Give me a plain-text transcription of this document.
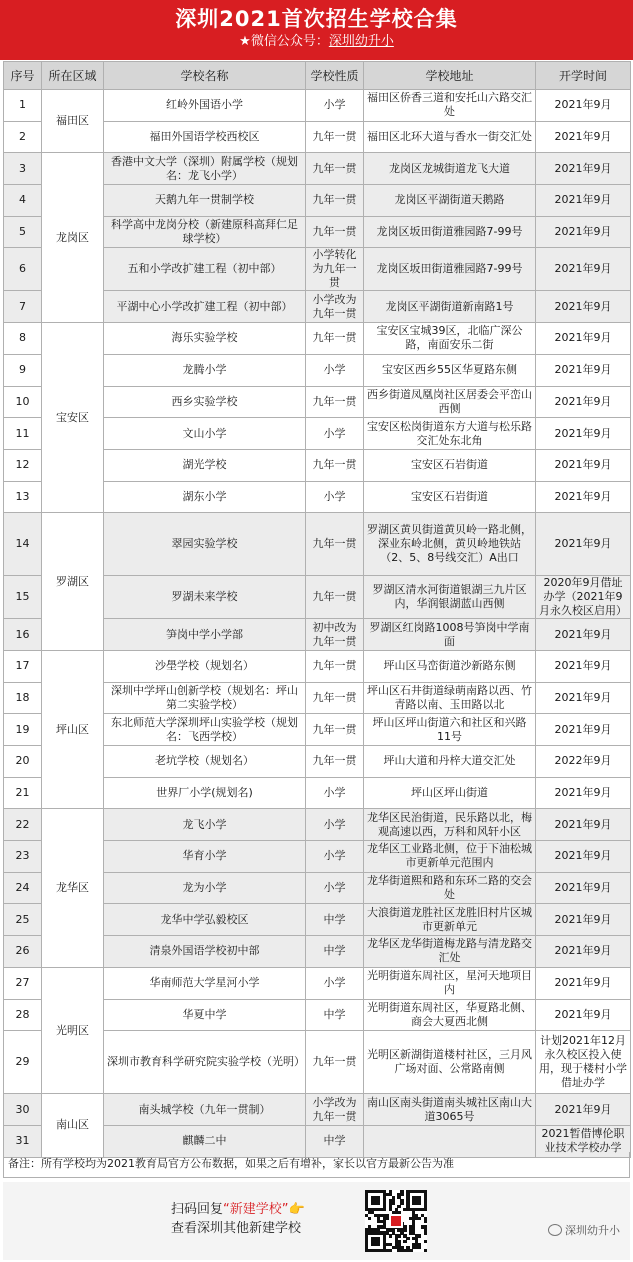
深圳2021首次招生学校合集
★微信公众号：深圳幼升小
序号	所在区域	学校名称	学校性质	学校地址	开学时间
1	福田区	红岭外国语小学	小学	福田区侨香三道和安托山六路交汇处	2021年9月
2		福田外国语学校西校区	九年一贯	福田区北环大道与香水一街交汇处	2021年9月
3	龙岗区	香港中文大学（深圳）附属学校（规划名：龙飞小学）	九年一贯	龙岗区龙城街道龙飞大道	2021年9月
4		天鹅九年一贯制学校	九年一贯	龙岗区平湖街道天鹅路	2021年9月
5		科学高中龙岗分校（新建原科高拜仁足球学校）	九年一贯	龙岗区坂田街道雅园路7-99号	2021年9月
6		五和小学改扩建工程（初中部）	小学转化为九年一贯	龙岗区坂田街道雅园路7-99号	2021年9月
7		平湖中心小学改扩建工程（初中部）	小学改为九年一贯	龙岗区平湖街道新南路1号	2021年9月
8	宝安区	海乐实验学校	九年一贯	宝安区宝城39区，北临广深公路，南面安乐二街	2021年9月
9		龙腾小学	小学	宝安区西乡55区华夏路东侧	2021年9月
10		西乡实验学校	九年一贯	西乡街道凤凰岗社区居委会平峦山西侧	2021年9月
11		文山小学	小学	宝安区松岗街道东方大道与松乐路交汇处东北角	2021年9月
12		湖光学校	九年一贯	宝安区石岩街道	2021年9月
13		湖东小学	小学	宝安区石岩街道	2021年9月
14	罗湖区	翠园实验学校	九年一贯	罗湖区黄贝街道黄贝岭一路北侧，深业东岭北侧，黄贝岭地铁站（2、5、8号线交汇）A出口	2021年9月
15		罗湖未来学校	九年一贯	罗湖区清水河街道银湖三九片区内，华润银湖蓝山西侧	2020年9月借址办学（2021年9月永久校区启用）
16		笋岗中学小学部	初中改为九年一贯	罗湖区红岗路1008号笋岗中学南面	2021年9月
17	坪山区	沙壆学校（规划名）	九年一贯	坪山区马峦街道沙新路东侧	2021年9月
18		深圳中学坪山创新学校（规划名：坪山第二实验学校）	九年一贯	坪山区石井街道绿萌南路以西、竹青路以南、玉田路以北	2021年9月
19		东北师范大学深圳坪山实验学校（规划名：飞西学校）	九年一贯	坪山区坪山街道六和社区和兴路11号	2021年9月
20		老坑学校（规划名）	九年一贯	坪山大道和丹梓大道交汇处	2022年9月
21		世界厂小学(规划名)	小学	坪山区坪山街道	2021年9月
22	龙华区	龙飞小学	小学	龙华区民治街道，民乐路以北，梅观高速以西，万科和风轩小区	2021年9月
23		华育小学	小学	龙华区工业路北侧，位于下油松城市更新单元范围内	2021年9月
24		龙为小学	小学	龙华街道熙和路和东环二路的交会处	2021年9月
25		龙华中学弘毅校区	中学	大浪街道龙胜社区龙胜旧村片区城市更新单元	2021年9月
26		清泉外国语学校初中部	中学	龙华区龙华街道梅龙路与清龙路交汇处	2021年9月
27	光明区	华南师范大学星河小学	小学	光明街道东周社区，星河天地项目内	2021年9月
28		华夏中学	中学	光明街道东周社区，华夏路北侧、商会大夏西北侧	2021年9月
29		深圳市教育科学研究院实验学校（光明）	九年一贯	光明区新湖街道楼村社区，三月风广场对面、公常路南侧	计划2021年12月永久校区投入使用，现于楼村小学借址办学
30	南山区	南头城学校（九年一贯制）	小学改为九年一贯	南山区南头街道南头城社区南山大道3065号	2021年9月
31		麒麟二中	中学		2021暂借博伦职业技术学校办学
备注：所有学校均为2021教育局官方公布数据，如果之后有增补，家长以官方最新公告为准
扫码回复“新建学校”👉
查看深圳其他新建学校	深圳幼升小
